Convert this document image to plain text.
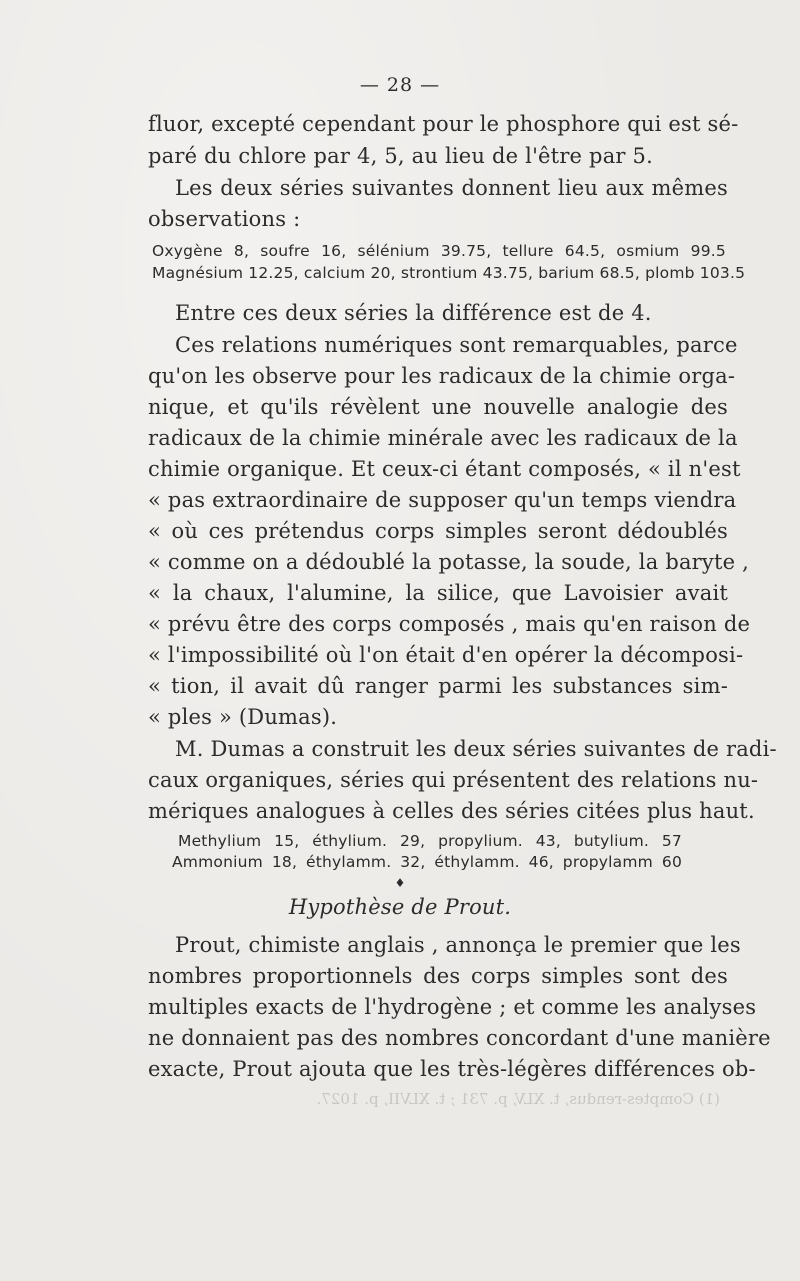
— 28 —
fluor, excepté cependant pour le phosphore qui est sé-
paré du chlore par 4, 5, au lieu de l'être par 5.
Les deux séries suivantes donnent lieu aux mêmes
observations :
Oxygène 8, soufre 16, sélénium 39.75, tellure 64.5, osmium 99.5
Magnésium 12.25, calcium 20, strontium 43.75, barium 68.5, plomb 103.5
Entre ces deux séries la différence est de 4.
Ces relations numériques sont remarquables, parce
qu'on les observe pour les radicaux de la chimie orga-
nique, et qu'ils révèlent une nouvelle analogie des
radicaux de la chimie minérale avec les radicaux de la
chimie organique. Et ceux-ci étant composés, « il n'est
« pas extraordinaire de supposer qu'un temps viendra
« où ces prétendus corps simples seront dédoublés
« comme on a dédoublé la potasse, la soude, la baryte ,
« la chaux, l'alumine, la silice, que Lavoisier avait
« prévu être des corps composés , mais qu'en raison de
« l'impossibilité où l'on était d'en opérer la décomposi-
« tion, il avait dû ranger parmi les substances sim-
« ples » (Dumas).
M. Dumas a construit les deux séries suivantes de radi-
caux organiques, séries qui présentent des relations nu-
mériques analogues à celles des séries citées plus haut.
Methylium 15, éthylium. 29, propylium. 43, butylium. 57
Ammonium 18, éthylamm. 32, éthylamm. 46, propylamm 60
♦
Hypothèse de Prout.
Prout, chimiste anglais , annonça le premier que les
nombres proportionnels des corps simples sont des
multiples exacts de l'hydrogène ; et comme les analyses
ne donnaient pas des nombres concordant d'une manière
exacte, Prout ajouta que les très-légères différences ob-
(1) Comptes-rendus, t. XLV, p. 731 ; t. XLVII, p. 1027.
